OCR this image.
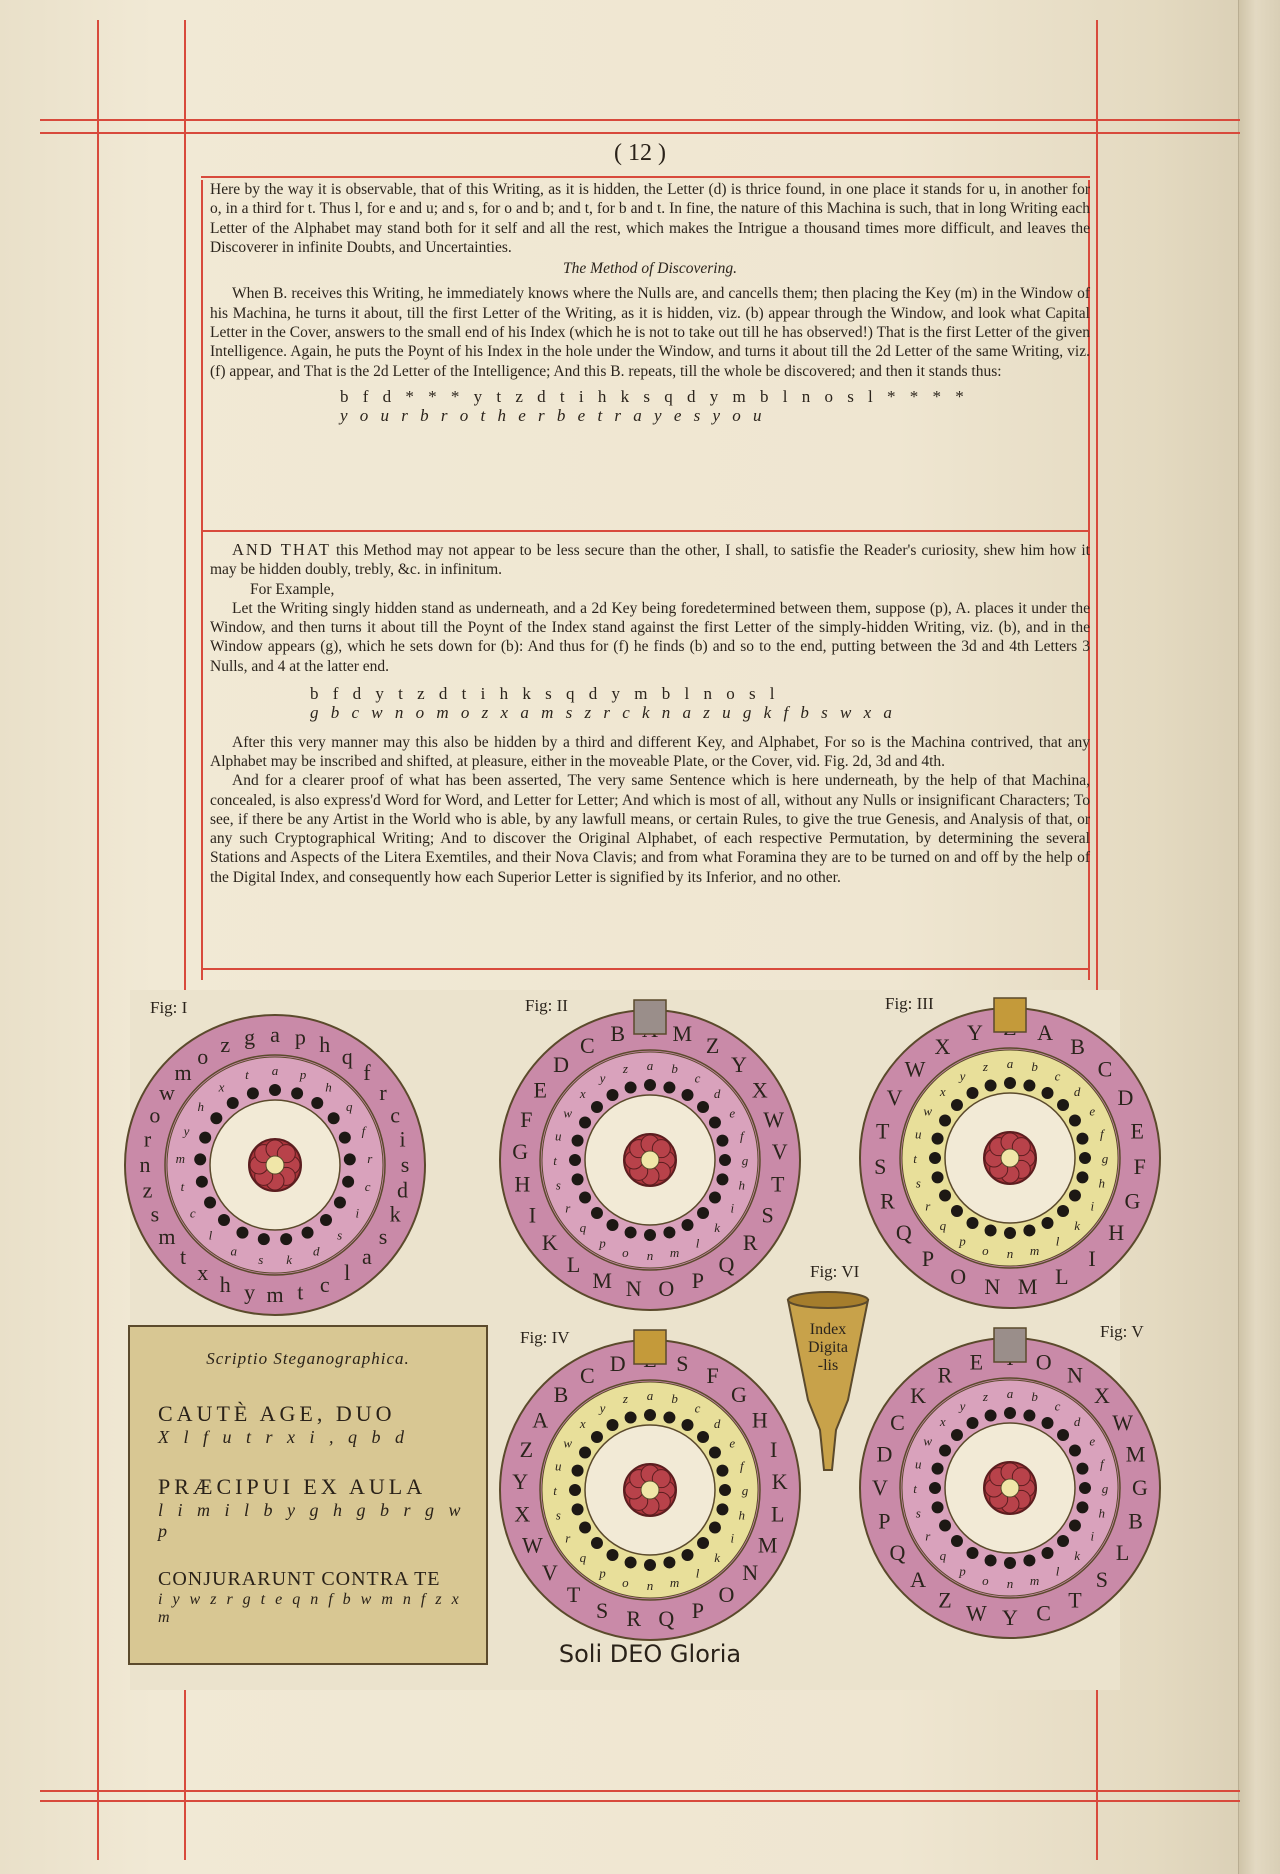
( 12 )

Here by the way it is observable, that of this Writing, as it is hidden, the Letter (d) is thrice found, in one place it stands for u, in another for o, in a third for t. Thus l, for e and u; and s, for o and b; and t, for b and t. In fine, the nature of this Machina is such, that in long Writing each Letter of the Alphabet may stand both for it self and all the rest, which makes the Intrigue a thousand times more difficult, and leaves the Discoverer in infinite Doubts, and Uncertainties.

The Method of Discovering.

When B. receives this Writing, he immediately knows where the Nulls are, and cancells them; then placing the Key (m) in the Window of his Machina, he turns it about, till the first Letter of the Writing, as it is hidden, viz. (b) appear through the Window, and look what Capital Letter in the Cover, answers to the small end of his Index (which he is not to take out till he has observed!) That is the first Letter of the given Intelligence. Again, he puts the Poynt of his Index in the hole under the Window, and turns it about till the 2d Letter of the same Writing, viz. (f) appear, and That is the 2d Letter of the Intelligence; And this B. repeats, till the whole be discovered; and then it stands thus:

b f d * * * y t z d t i h k s q d y m b l n o s l * * * *
y o u r b r o t h e r b e t r a y e s y o u

AND THAT this Method may not appear to be less secure than the other, I shall, to satisfie the Reader's curiosity, shew him how it may be hidden doubly, trebly, &c. in infinitum.

For Example,

Let the Writing singly hidden stand as underneath, and a 2d Key being foredetermined between them, suppose (p), A. places it under the Window, and then turns it about till the Poynt of the Index stand against the first Letter of the simply-hidden Writing, viz. (b), and in the Window appears (g), which he sets down for (b): And thus for (f) he finds (b) and so to the end, putting between the 3d and 4th Letters 3 Nulls, and 4 at the latter end.

b f d y t z d t i h k s q d y m b l n o s l
g b c w n o m o z x a m s z r c k n a z u g k f b s w x a

After this very manner may this also be hidden by a third and different Key, and Alphabet, For so is the Machina contrived, that any Alphabet may be inscribed and shifted, at pleasure, either in the moveable Plate, or the Cover, vid. Fig. 2d, 3d and 4th.

And for a clearer proof of what has been asserted, The very same Sentence which is here underneath, by the help of that Machina, concealed, is also express'd Word for Word, and Letter for Letter; And which is most of all, without any Nulls or insignificant Characters; To see, if there be any Artist in the World who is able, by any lawfull means, or certain Rules, to give the true Genesis, and Analysis of that, or any such Cryptographical Writing; And to discover the Original Alphabet, of each respective Permutation, by determining the several Stations and Aspects of the Litera Exemtiles, and their Nova Clavis; and from what Foramina they are to be turned on and off by the help of the Digital Index, and consequently how each Superior Letter is signified by its Inferior, and no other.

a p h q
f
r
c
i
s
d
k
s
a
l
c
t
m
y
h
x
t
m
s
z
n
r
o
w
m
o z g
a p
h
q
f
r
c
i
s
d
k
s
a
l
c
t
m
y
h
x
t
M Z
Y
X
W
V
T
S
R
Q
P
O
N
M
L
K
I
H
G
F
E
D
C B
a b
c
d
e
f
g
h
i
k
l
m
n
o
p
q
r
s
t
u
w
x
y
z
A
B
C
D
E
F
G
H
I
L
M
N
O
P
Q
R
S
T
V
W
X
Y
a b
c
d
e
f
g
h
i
k
l
m
n
o
p
q
r
s
t
u
w
x
y
z
S F
G
H
I
K
L
M
N
O
P
Q
R
S
T
V
W
X
Y
Z
A
B
C D
a b
c
d
e
f
g
h
i
k
l
m
n
o
p
q
r
s
t
u
w
x
y
z
O
N
X
W
M
G
B
L
S
T
C
Y
W
Z
A
Q
P
V
D
C
K
R
E
a b
c
d
e
f
g
h
i
k
l
m
n
o
p
q
r
s
t
u
w
x
y
z
Index
Digita
-lis
Fig: I	Fig: II	Fig: III
Fig: IV	Fig: V
Fig: VI
Scriptio Steganographica.
CAUTÈ AGE, DUO
X l f u t r x i , q b d
PRÆCIPUI EX AULA
l i m i l b y g h g b r g w p
CONJURARUNT CONTRA TE
i y w z r g t e q n f b w m n f z x m
Soli DEO Gloria
